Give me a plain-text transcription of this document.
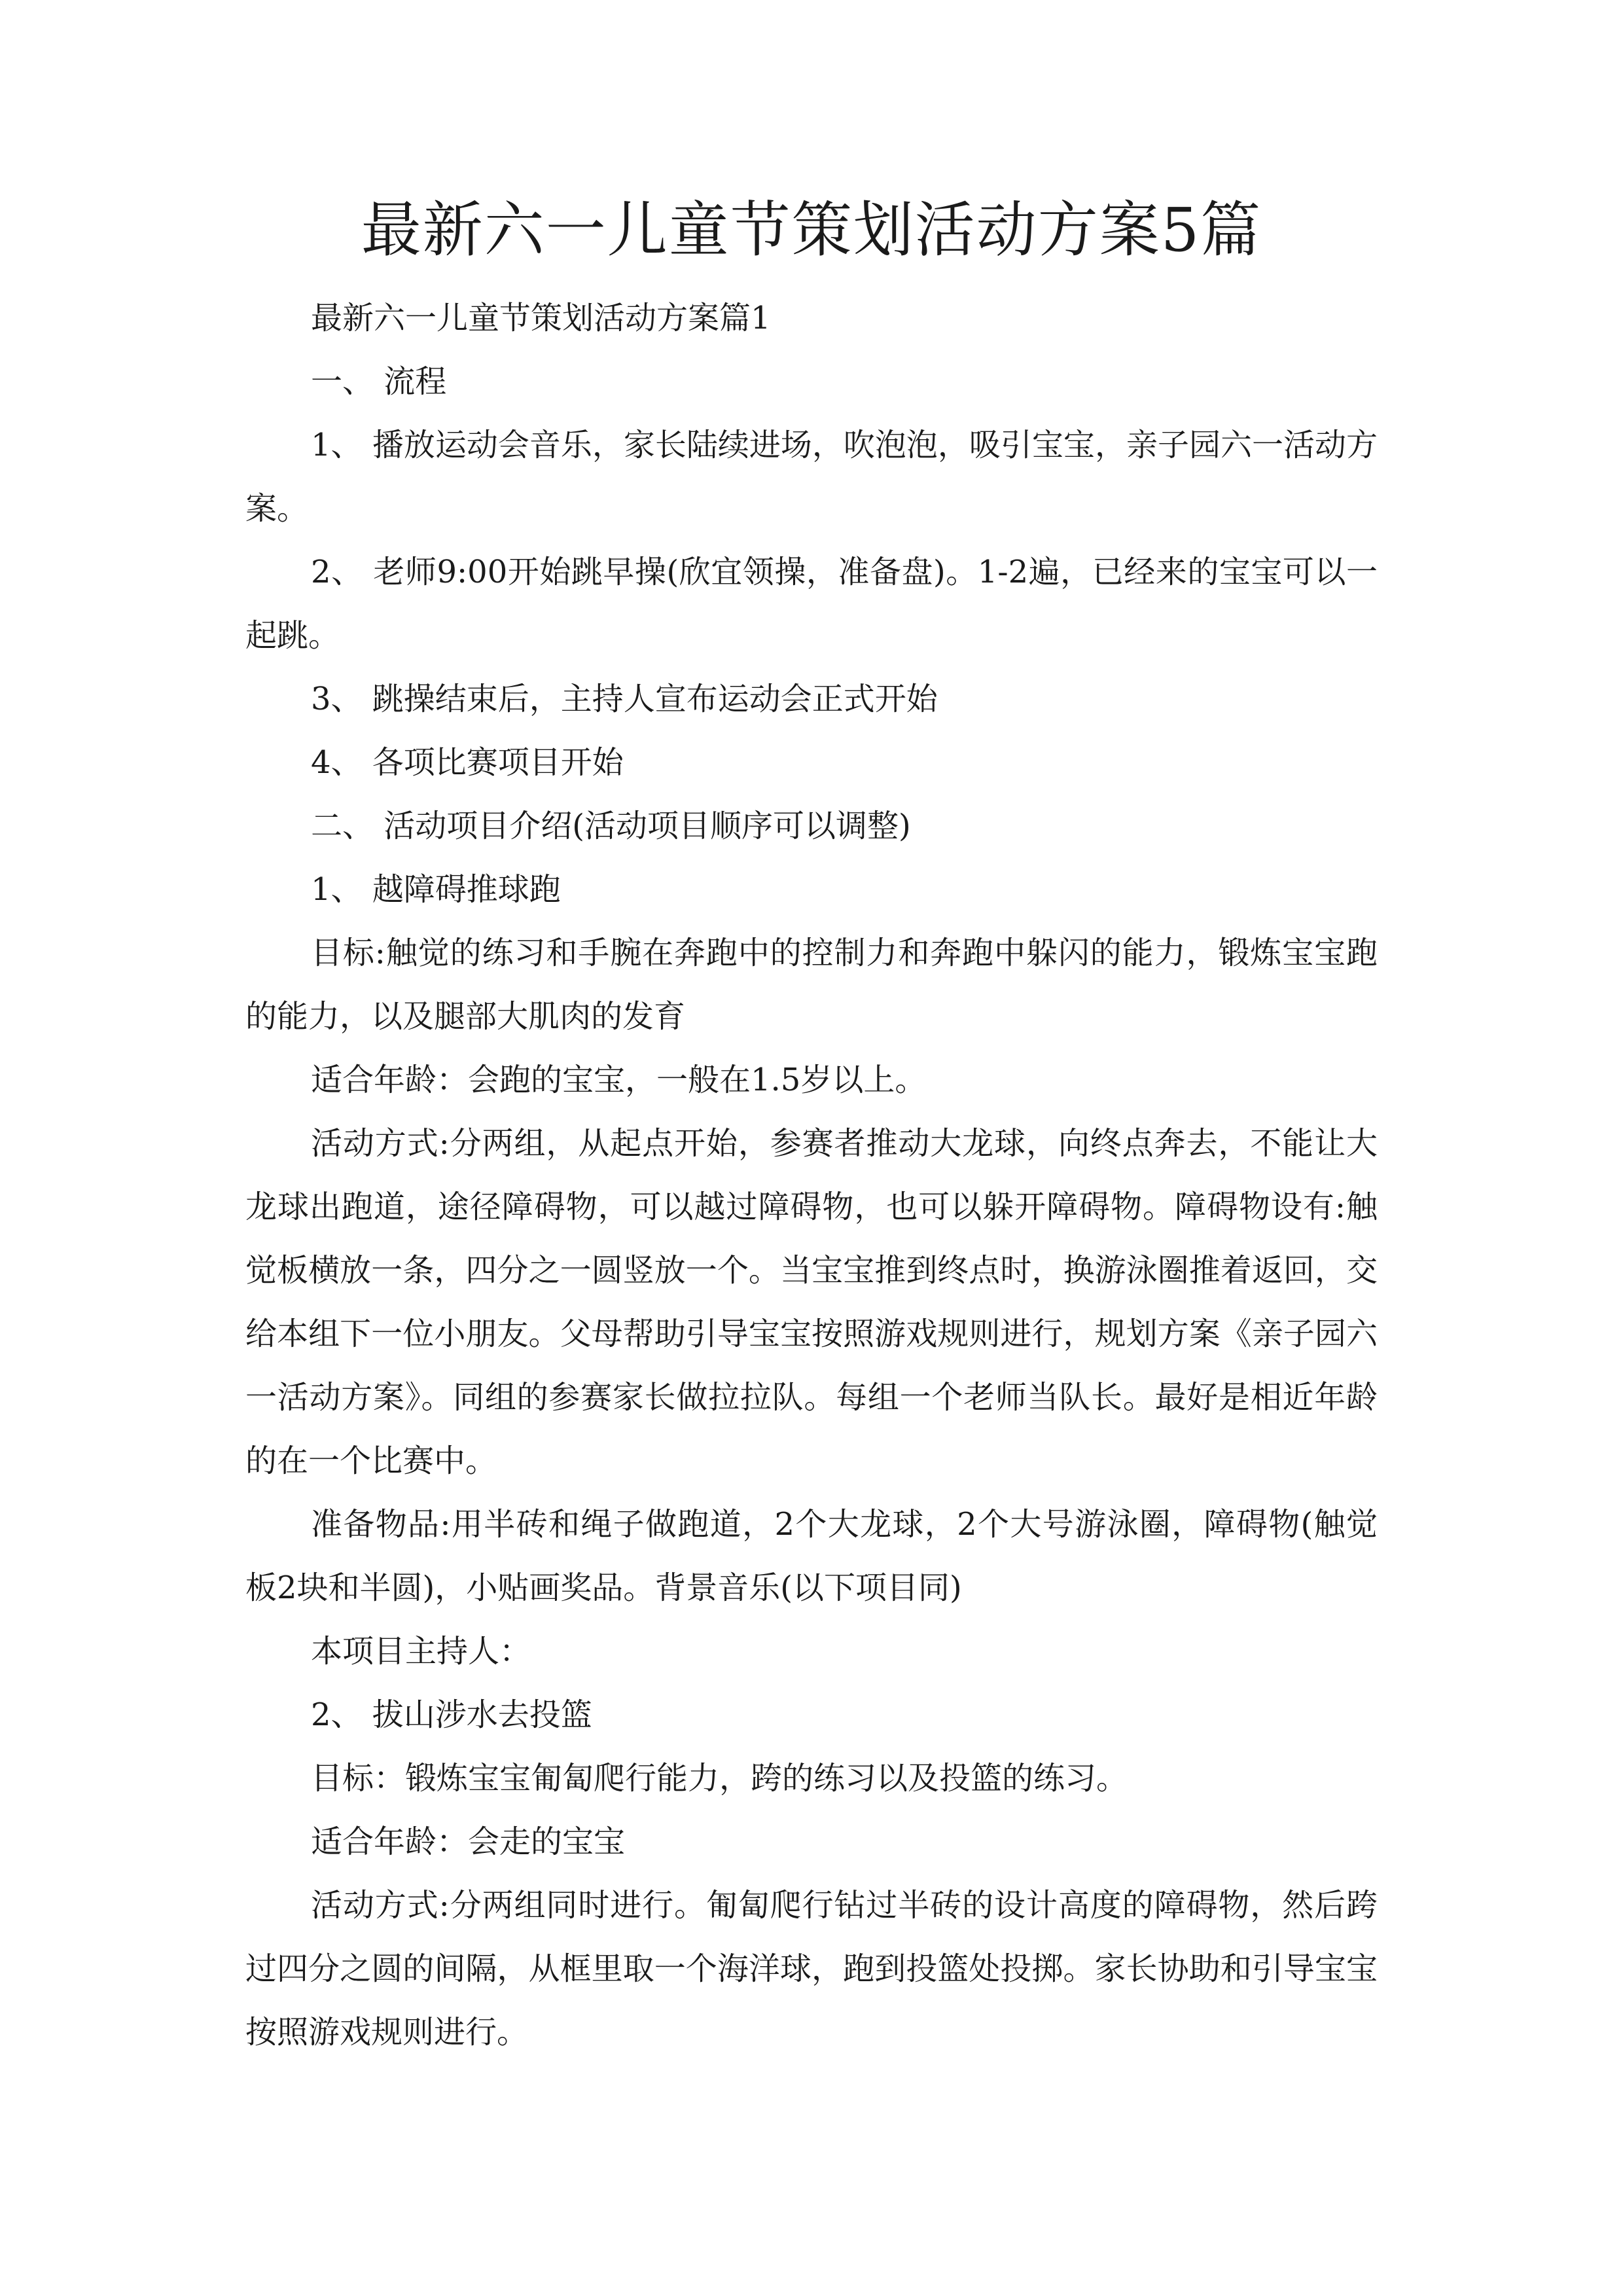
最新六一儿童节策划活动方案5篇

最新六一儿童节策划活动方案篇1

一、 流程

1、 播放运动会音乐，家长陆续进场，吹泡泡，吸引宝宝，亲子园六一活动方案。

2、 老师9:00开始跳早操(欣宜领操，准备盘)。1-2遍，已经来的宝宝可以一起跳。

3、 跳操结束后，主持人宣布运动会正式开始

4、 各项比赛项目开始

二、 活动项目介绍(活动项目顺序可以调整)

1、 越障碍推球跑

目标:触觉的练习和手腕在奔跑中的控制力和奔跑中躲闪的能力，锻炼宝宝跑的能力，以及腿部大肌肉的发育

适合年龄：会跑的宝宝，一般在1.5岁以上。

活动方式:分两组，从起点开始，参赛者推动大龙球，向终点奔去，不能让大龙球出跑道，途径障碍物，可以越过障碍物，也可以躲开障碍物。障碍物设有:触觉板横放一条，四分之一圆竖放一个。当宝宝推到终点时，换游泳圈推着返回，交给本组下一位小朋友。父母帮助引导宝宝按照游戏规则进行，规划方案《亲子园六一活动方案》。同组的参赛家长做拉拉队。每组一个老师当队长。最好是相近年龄的在一个比赛中。

准备物品:用半砖和绳子做跑道，2个大龙球，2个大号游泳圈，障碍物(触觉板2块和半圆)，小贴画奖品。背景音乐(以下项目同)

本项目主持人：

2、 拔山涉水去投篮

目标：锻炼宝宝匍匐爬行能力，跨的练习以及投篮的练习。

适合年龄：会走的宝宝

活动方式:分两组同时进行。匍匐爬行钻过半砖的设计高度的障碍物，然后跨过四分之圆的间隔，从框里取一个海洋球，跑到投篮处投掷。家长协助和引导宝宝按照游戏规则进行。
